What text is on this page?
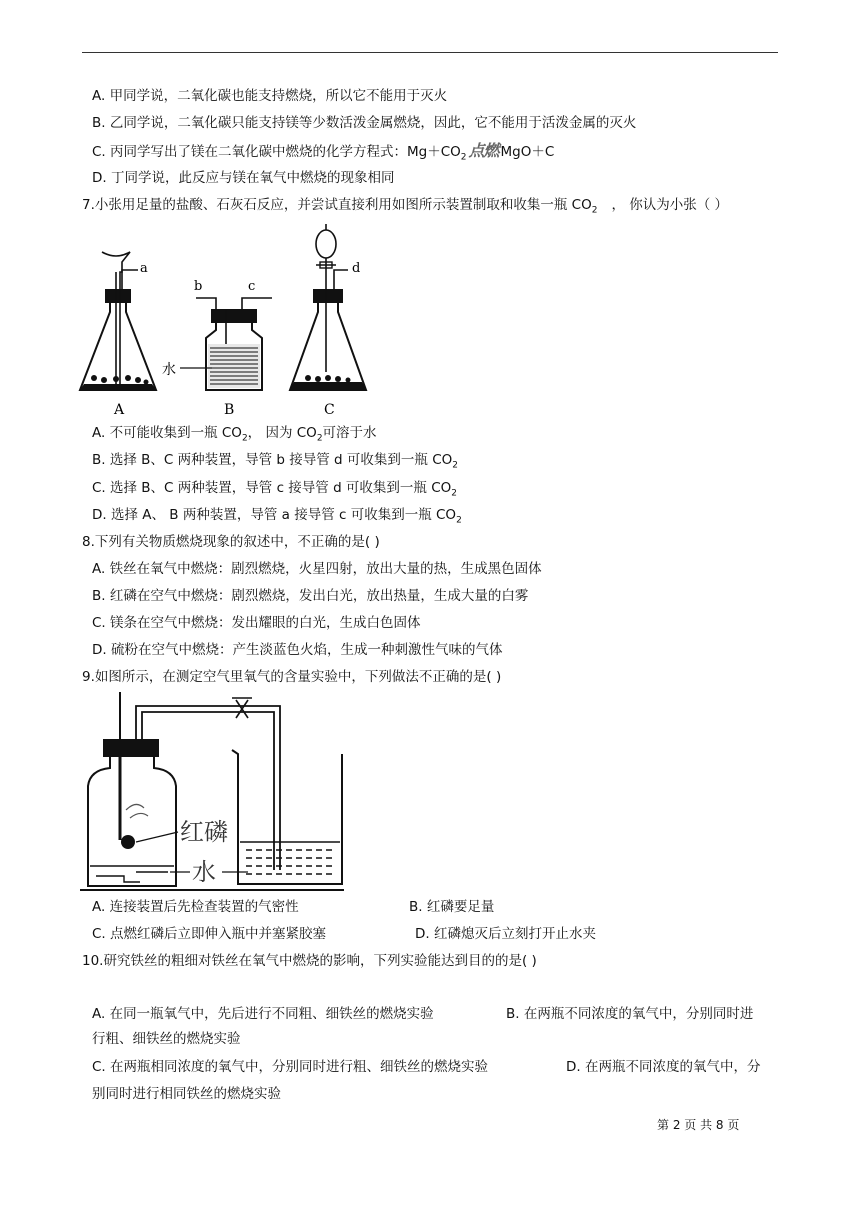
A. 甲同学说，二氧化碳也能支持燃烧，所以它不能用于灭火
B. 乙同学说，二氧化碳只能支持镁等少数活泼金属燃烧，因此，它不能用于活泼金属的灭火
C. 丙同学写出了镁在二氧化碳中燃烧的化学方程式：$Mg+CO_2$ 点燃 MgO＋C
D. 丁同学说，此反应与镁在氧气中燃烧的现象相同
7.小张用足量的盐酸、石灰石反应，并尝试直接利用如图所示装置制取和收集一瓶 $CO_2$ ， 你认为小张（ ）
a
b	c
水
d
A	B	C
A. 不可能收集到一瓶 $CO_2$， 因为 $CO_2$可溶于水
B. 选择 B、C 两种装置，导管 b 接导管 d 可收集到一瓶 $CO_2$
C. 选择 B、C 两种装置，导管 c 接导管 d 可收集到一瓶 $CO_2$
D. 选择 A、 B 两种装置，导管 a 接导管 c 可收集到一瓶 $CO_2$
8.下列有关物质燃烧现象的叙述中，不正确的是( )
A. 铁丝在氧气中燃烧：剧烈燃烧，火星四射，放出大量的热，生成黑色固体
B. 红磷在空气中燃烧：剧烈燃烧，发出白光，放出热量，生成大量的白雾
C. 镁条在空气中燃烧：发出耀眼的白光，生成白色固体
D. 硫粉在空气中燃烧：产生淡蓝色火焰，生成一种刺激性气味的气体
9.如图所示，在测定空气里氧气的含量实验中，下列做法不正确的是( )
红磷
水
A. 连接装置后先检查装置的气密性	B. 红磷要足量
C. 点燃红磷后立即伸入瓶中并塞紧胶塞	D. 红磷熄灭后立刻打开止水夹
10.研究铁丝的粗细对铁丝在氧气中燃烧的影响，下列实验能达到目的的是( )
A. 在同一瓶氧气中，先后进行不同粗、细铁丝的燃烧实验	B. 在两瓶不同浓度的氧气中，分别同时进
行粗、细铁丝的燃烧实验
C. 在两瓶相同浓度的氧气中，分别同时进行粗、细铁丝的燃烧实验	D. 在两瓶不同浓度的氧气中，分
别同时进行相同铁丝的燃烧实验
第 2 页 共 8 页
